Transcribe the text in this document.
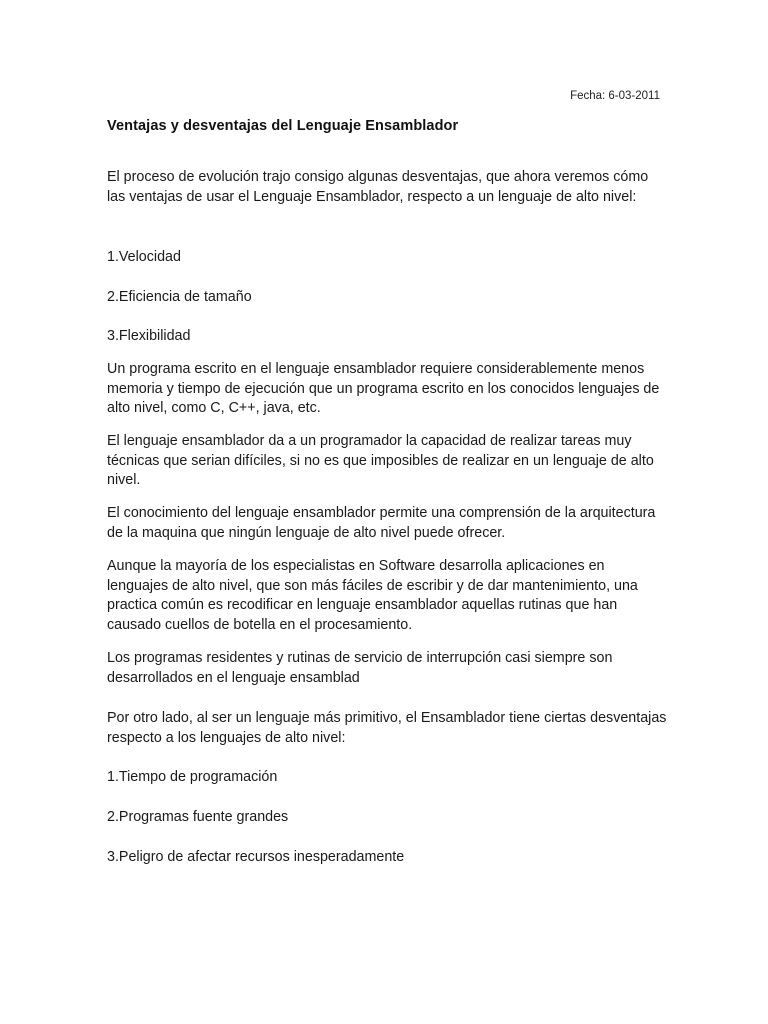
Fecha: 6-03-2011
Ventajas y desventajas del Lenguaje Ensamblador
El proceso de evolución trajo consigo algunas desventajas, que ahora veremos cómo las ventajas de usar el Lenguaje Ensamblador, respecto a un lenguaje de alto nivel:
1.Velocidad
2.Eficiencia de tamaño
3.Flexibilidad
Un programa escrito en el lenguaje ensamblador requiere considerablemente menos memoria y tiempo de ejecución que un programa escrito en los conocidos lenguajes de alto nivel, como C, C++, java, etc.
El lenguaje ensamblador da a un programador la capacidad de realizar tareas muy técnicas que serian difíciles, si no es que imposibles de realizar en un lenguaje de alto nivel.
El conocimiento del lenguaje ensamblador permite una comprensión de la arquitectura de la maquina que ningún lenguaje de alto nivel puede ofrecer.
Aunque la mayoría de los especialistas en Software desarrolla aplicaciones en lenguajes de alto nivel, que son más fáciles de escribir y de dar mantenimiento, una practica común es recodificar en lenguaje ensamblador aquellas rutinas que han causado cuellos de botella en el procesamiento.
Los programas residentes y rutinas de servicio de interrupción casi siempre son desarrollados en el lenguaje ensamblad
Por otro lado, al ser un lenguaje más primitivo, el Ensamblador tiene ciertas desventajas respecto a los lenguajes de alto nivel:
1.Tiempo de programación
2.Programas fuente grandes
3.Peligro de afectar recursos inesperadamente
